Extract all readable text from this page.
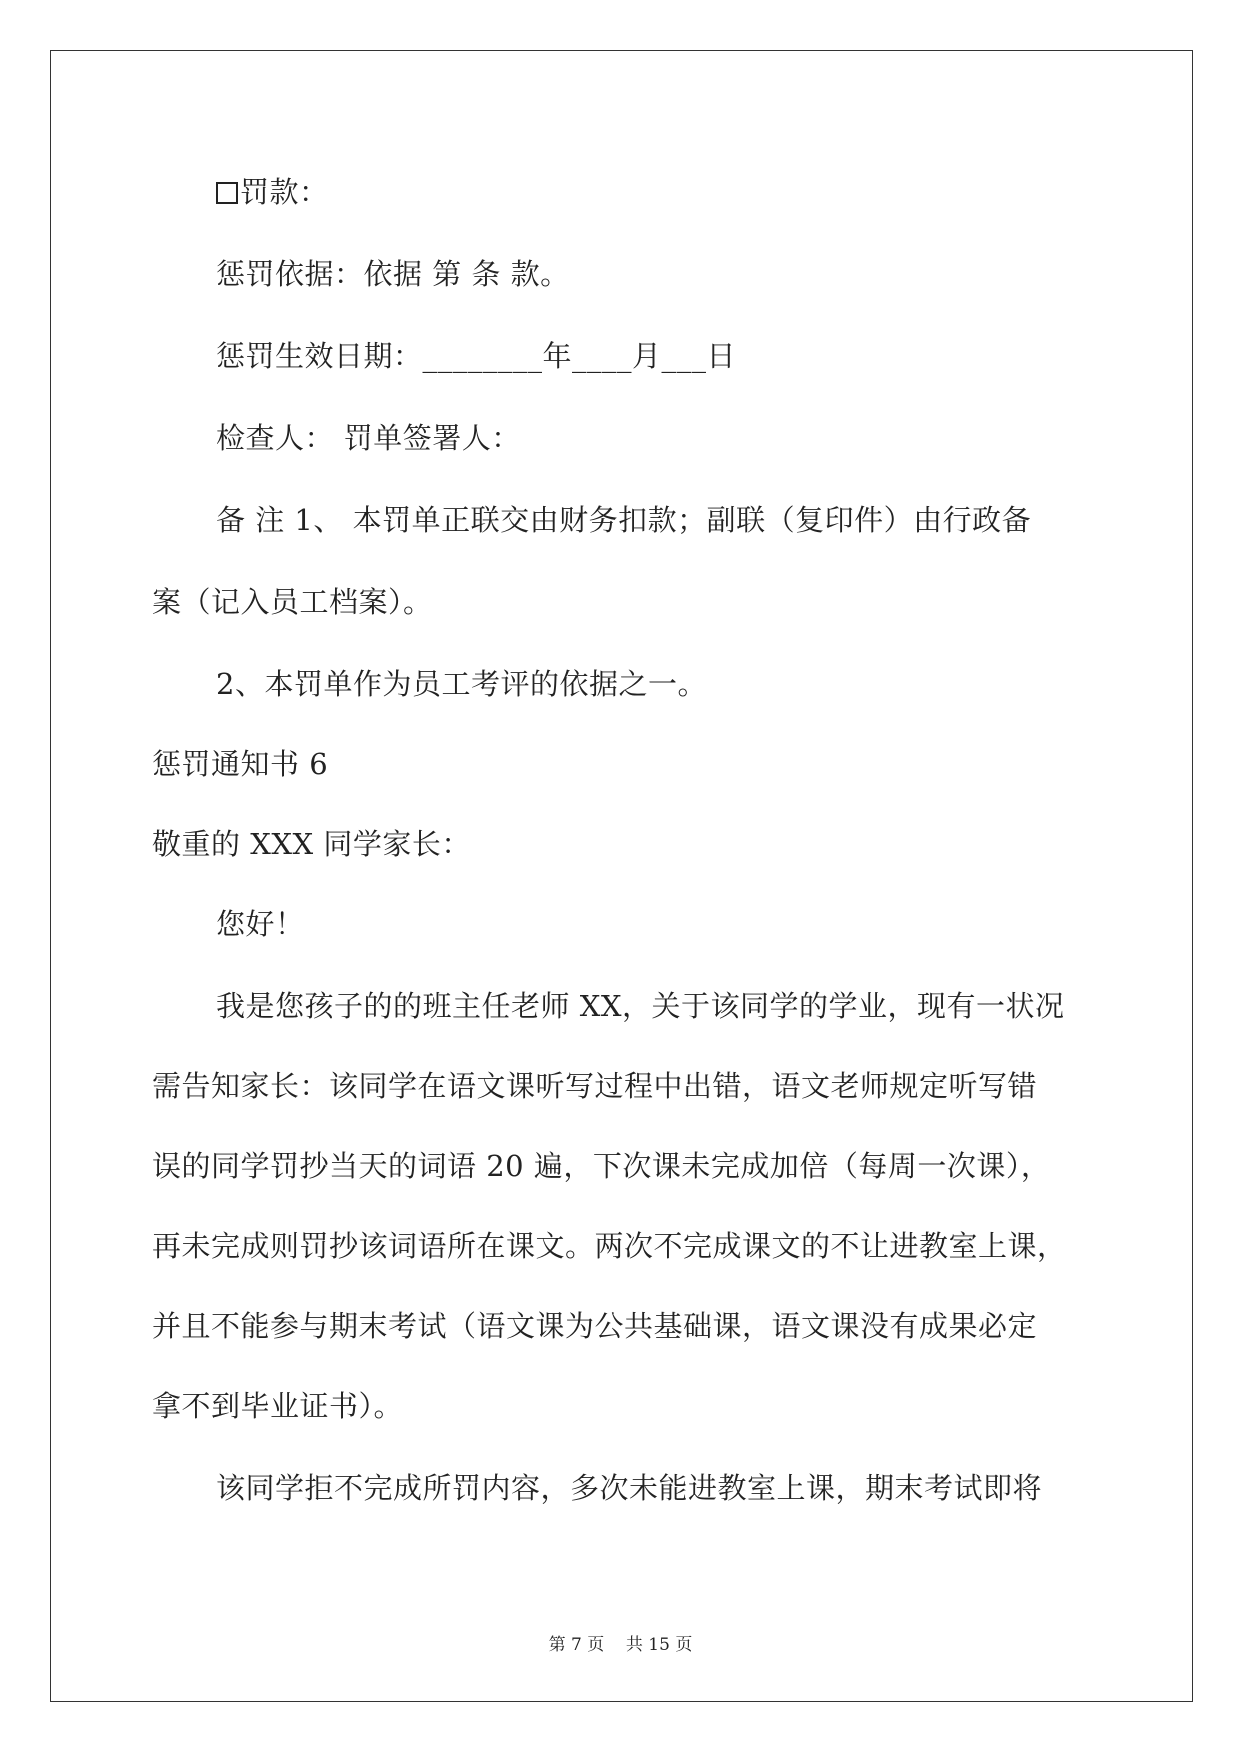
罚款：
惩罚依据：依据 第 条 款。
惩罚生效日期：________年____月___日
检查人： 罚单签署人：
备 注 1、 本罚单正联交由财务扣款；副联（复印件）由行政备
案（记入员工档案）。
2、本罚单作为员工考评的依据之一。
惩罚通知书 6
敬重的 XXX 同学家长：
您好！
我是您孩子的的班主任老师 XX，关于该同学的学业，现有一状况
需告知家长：该同学在语文课听写过程中出错，语文老师规定听写错
误的同学罚抄当天的词语 20 遍，下次课未完成加倍（每周一次课），
再未完成则罚抄该词语所在课文。两次不完成课文的不让进教室上课，
并且不能参与期末考试（语文课为公共基础课，语文课没有成果必定
拿不到毕业证书）。
该同学拒不完成所罚内容，多次未能进教室上课，期末考试即将
第 7 页    共 15 页
